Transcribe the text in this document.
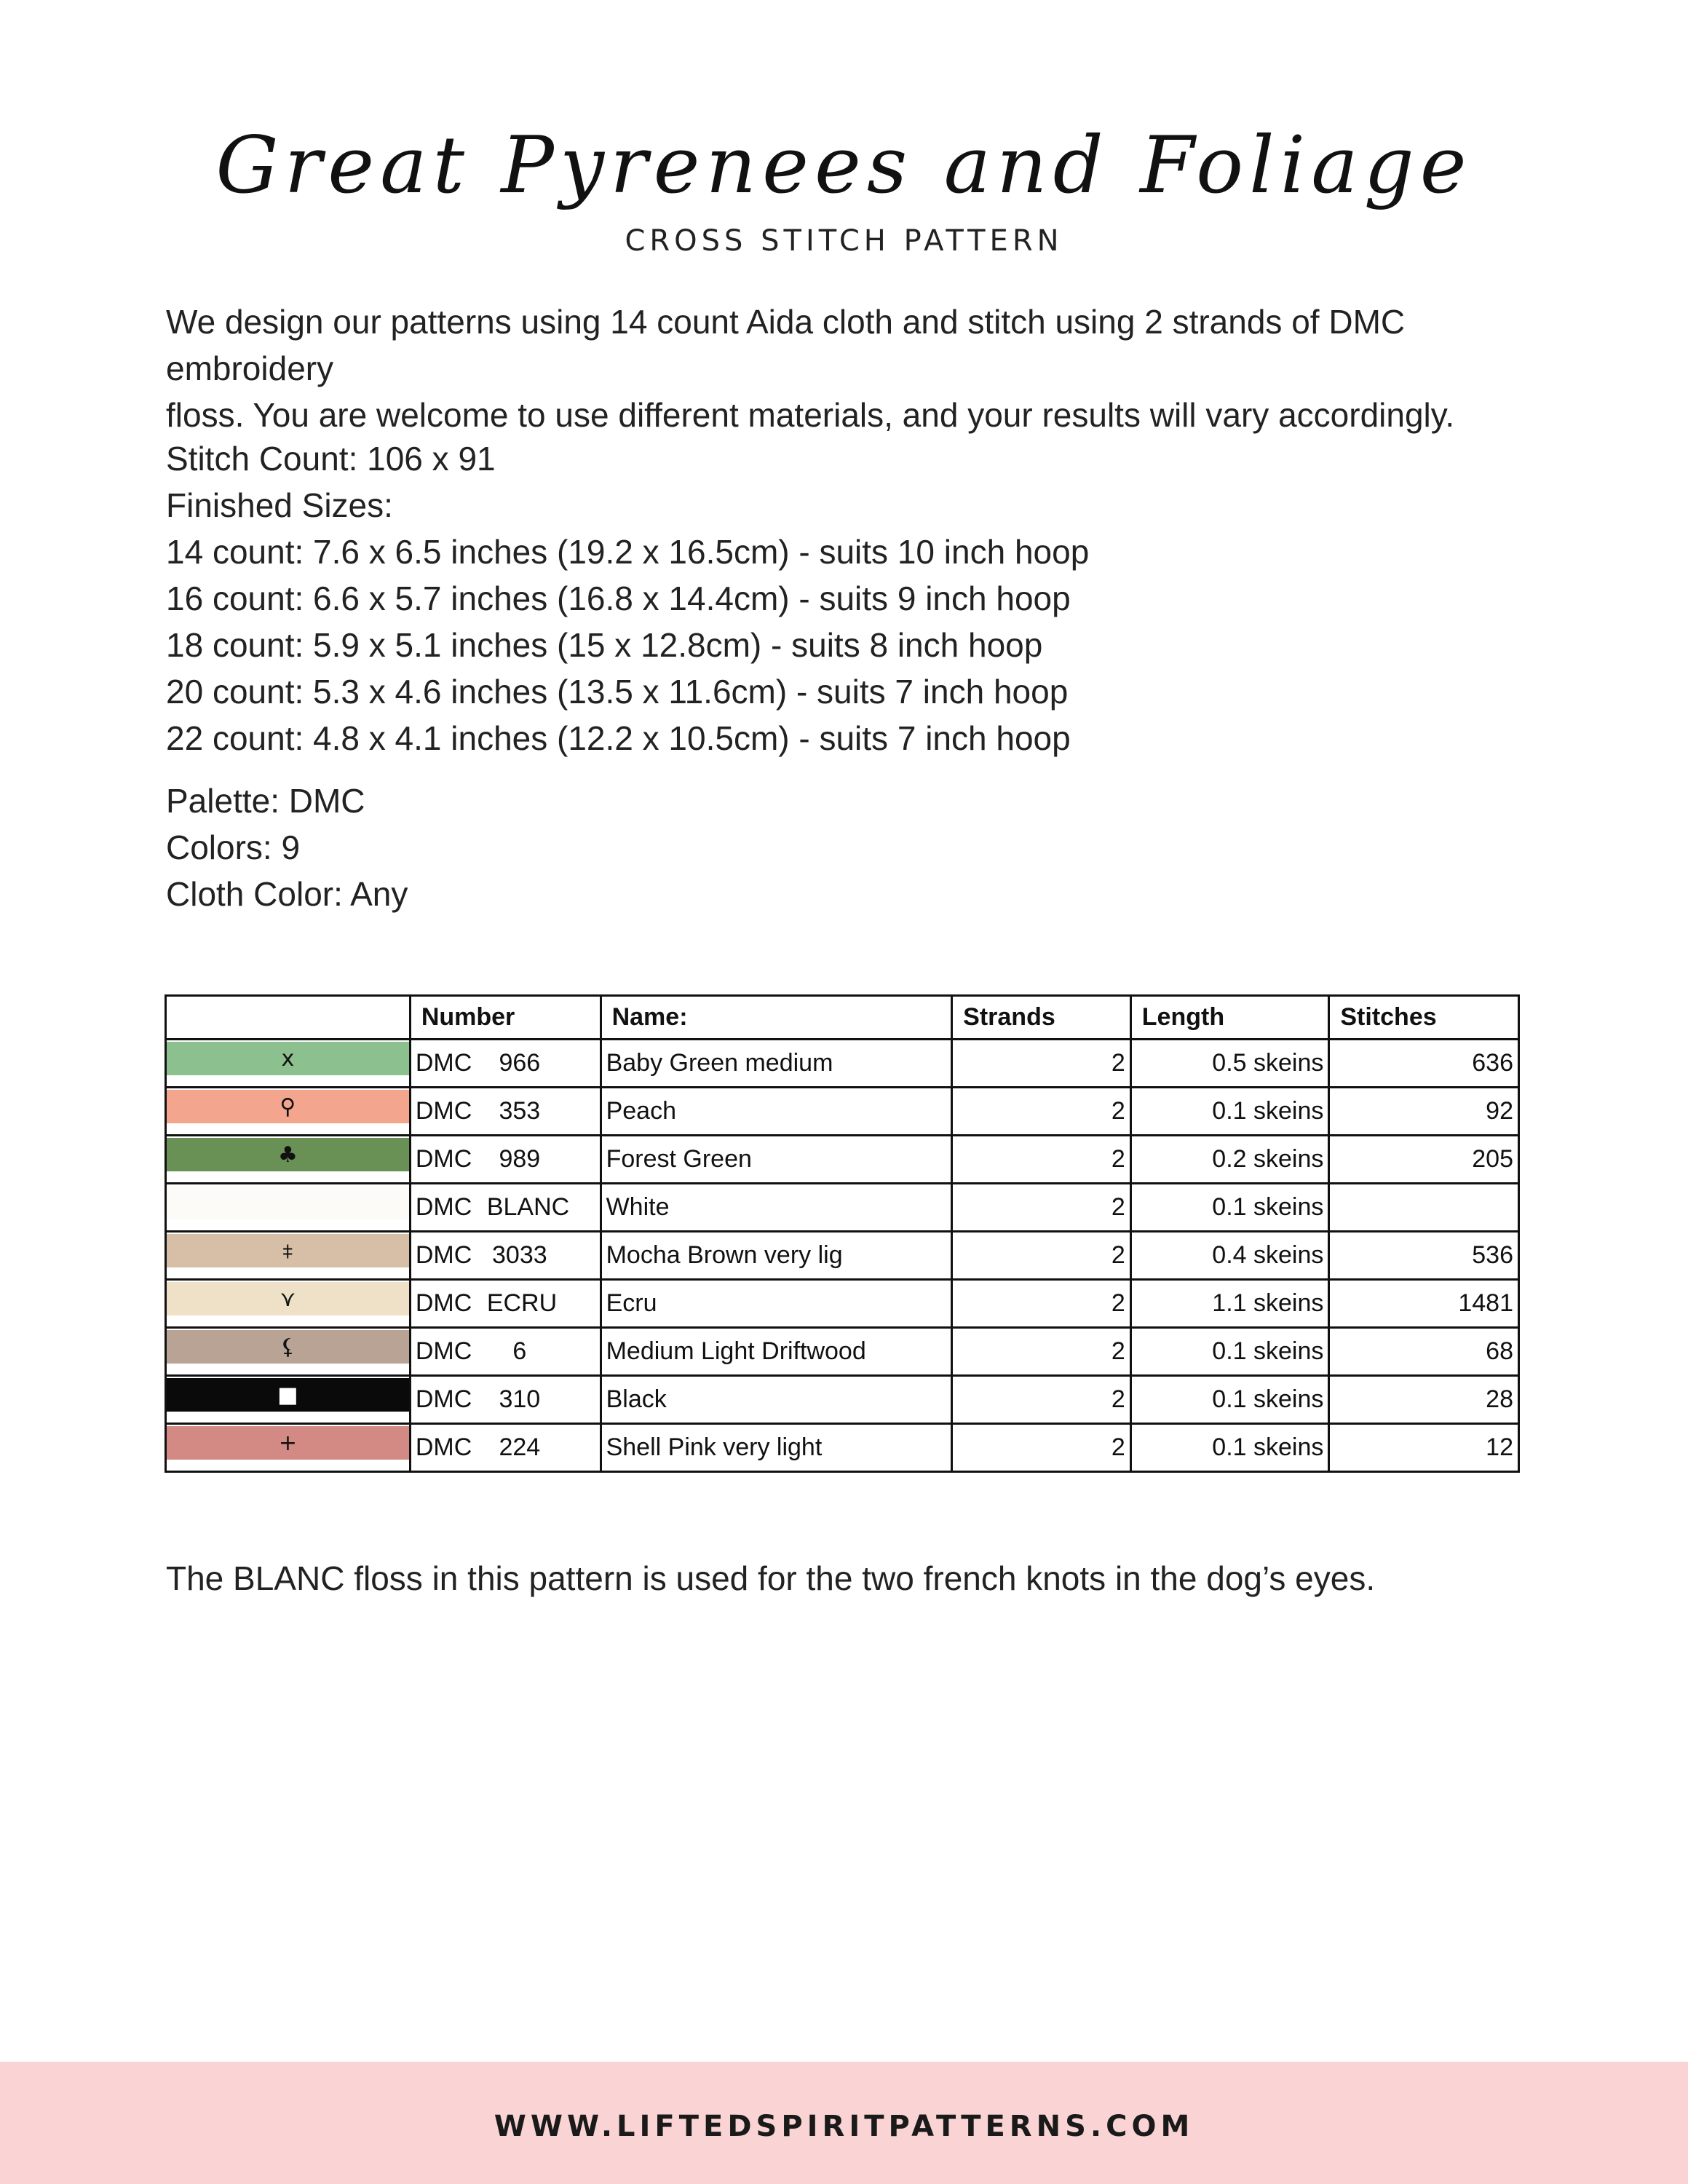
Great Pyrenees and Foliage
CROSS STITCH PATTERN

We design our patterns using 14 count Aida cloth and stitch using 2 strands of DMC embroidery

floss. You are welcome to use different materials, and your results will vary accordingly.

Stitch Count: 106 x 91

Finished Sizes:

14 count: 7.6 x 6.5 inches (19.2 x 16.5cm) - suits 10 inch hoop

16 count: 6.6 x 5.7 inches (16.8 x 14.4cm) - suits 9 inch hoop

18 count: 5.9 x 5.1 inches (15 x 12.8cm) - suits 8 inch hoop

20 count: 5.3 x 4.6 inches (13.5 x 11.6cm) - suits 7 inch hoop

22 count: 4.8 x 4.1 inches (12.2 x 10.5cm) - suits 7 inch hoop

Palette: DMC

Colors: 9

Cloth Color: Any

	Number	Name:	Strands	Length	Stitches

x	DMC 966	Baby Green medium	2	0.5 skeins	636

⚲	DMC 353	Peach	2	0.1 skeins	92

♣	DMC 989	Forest Green	2	0.2 skeins	205

	DMC BLANC	White	2	0.1 skeins	

⧧	DMC 3033	Mocha Brown very lig	2	0.4 skeins	536

⋎	DMC ECRU	Ecru	2	1.1 skeins	1481

⚸	DMC 6	Medium Light Driftwood	2	0.1 skeins	68

■	DMC 310	Black	2	0.1 skeins	28

+	DMC 224	Shell Pink very light	2	0.1 skeins	12
The BLANC floss in this pattern is used for the two french knots in the dog’s eyes.
WWW.LIFTEDSPIRITPATTERNS.COM
